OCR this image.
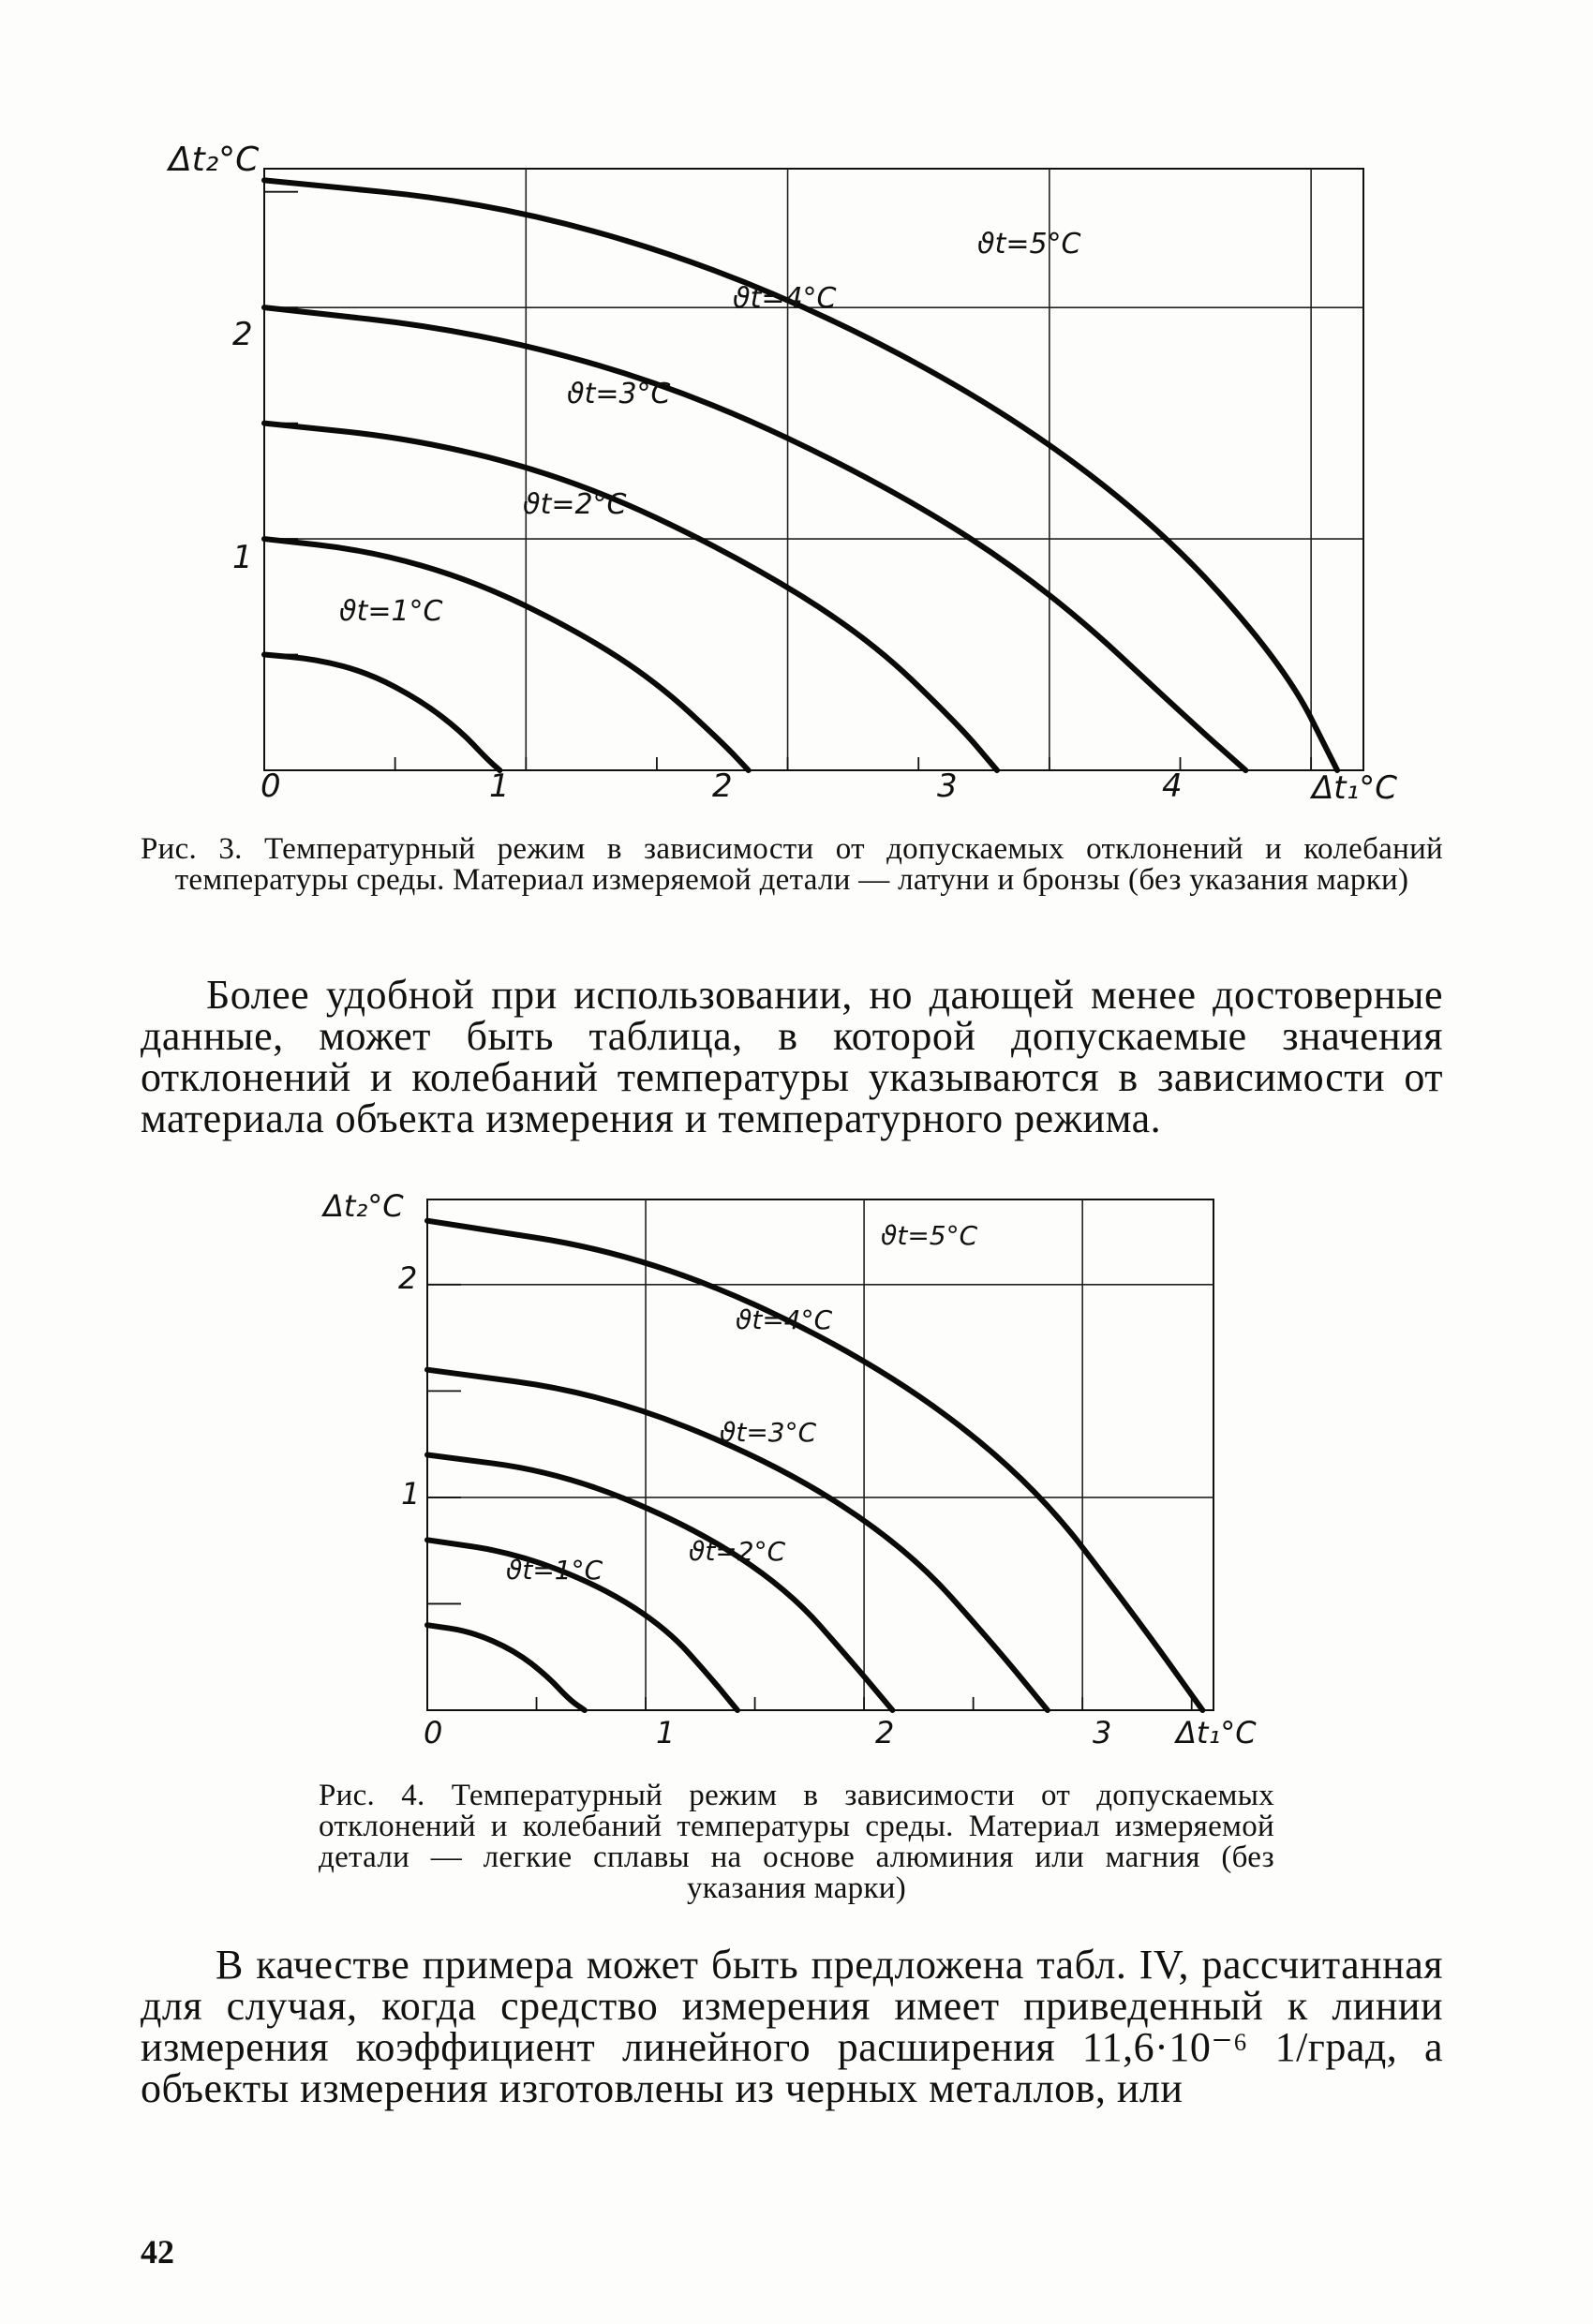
Δt₂°C
Δt₁°C
0	1	2	3	4
1
2
ϑt=1°C
ϑt=2°C
ϑt=3°C
ϑt=4°C
ϑt=5°C

Рис. 3. Температурный режим в зависимости от допускаемых отклонений и колебаний температуры среды. Материал измеряемой детали — латуни и бронзы (без указания марки)

Более удобной при использовании, но дающей менее достоверные данные, может быть таблица, в которой допускаемые значения отклонений и колебаний температуры указываются в зависимости от материала объекта измерения и температурного режима.

Δt₂°C
Δt₁°C
0	1	2	3
1
2
ϑt=1°C
ϑt=2°C
ϑt=3°C
ϑt=4°C
ϑt=5°C

Рис. 4. Температурный режим в зависимости от допускаемых отклонений и колебаний температуры среды. Материал измеряемой детали — легкие сплавы на основе алюминия или магния (без указания марки)

В качестве примера может быть предложена табл. IV, рассчитанная для случая, когда средство измерения имеет приведенный к линии измерения коэффициент линейного расширения 11,6·10⁻⁶ 1/град, а объекты измерения изготовлены из черных металлов, или

42
